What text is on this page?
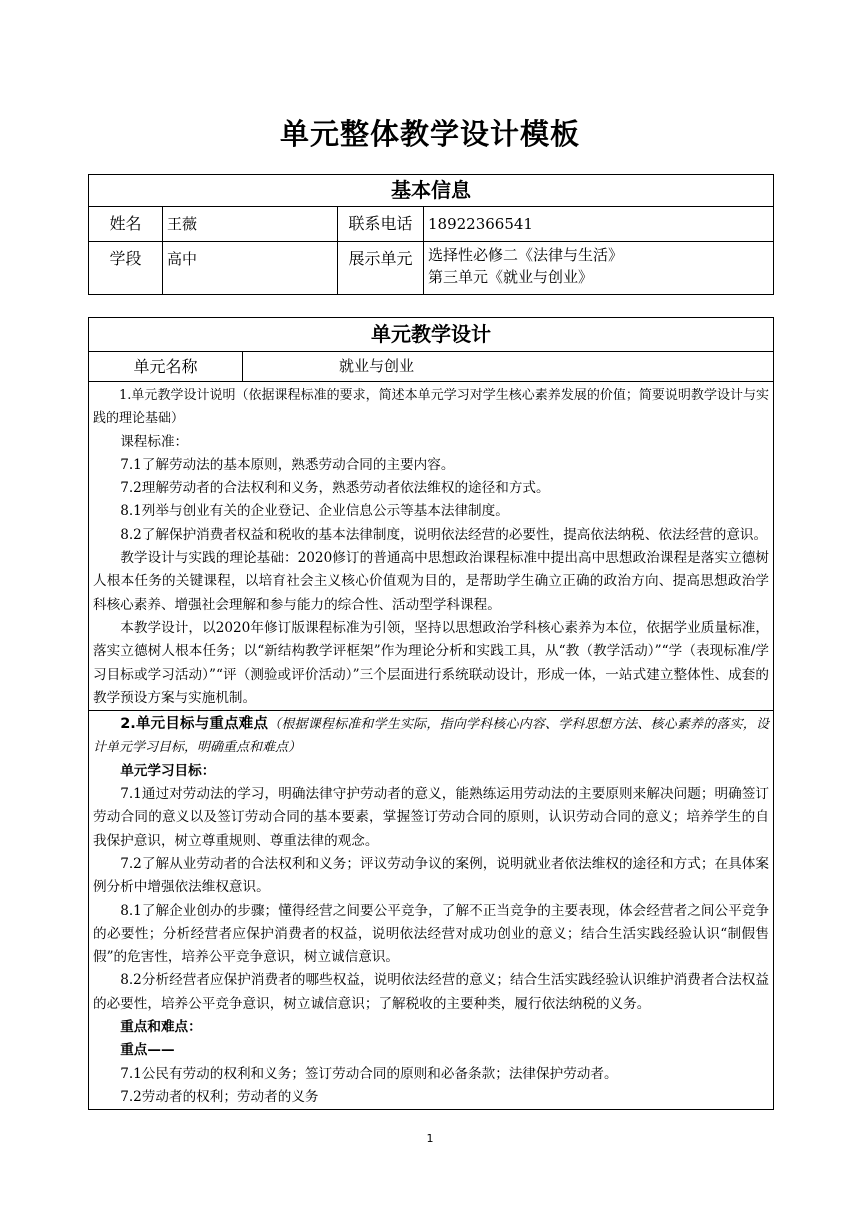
单元整体教学设计模板
基本信息			
姓名	王薇	联系电话	18922366541
学段	高中	展示单元	选择性必修二《法律与生活》
第三单元《就业与创业》
单元教学设计
单元名称	就业与创业

1.单元教学设计说明（依据课程标准的要求，简述本单元学习对学生核心素养发展的价值；简要说明教学设计与实践的理论基础）

课程标准：

7.1了解劳动法的基本原则，熟悉劳动合同的主要内容。

7.2理解劳动者的合法权利和义务，熟悉劳动者依法维权的途径和方式。

8.1列举与创业有关的企业登记、企业信息公示等基本法律制度。

8.2了解保护消费者权益和税收的基本法律制度，说明依法经营的必要性，提高依法纳税、依法经营的意识。

教学设计与实践的理论基础：2020修订的普通高中思想政治课程标准中提出高中思想政治课程是落实立德树人根本任务的关键课程，以培育社会主义核心价值观为目的，是帮助学生确立正确的政治方向、提高思想政治学科核心素养、增强社会理解和参与能力的综合性、活动型学科课程。

本教学设计，以2020年修订版课程标准为引领，坚持以思想政治学科核心素养为本位，依据学业质量标准，落实立德树人根本任务；以“新结构教学评框架”作为理论分析和实践工具，从“教（教学活动）”“学（表现标准/学习目标或学习活动）”“评（测验或评价活动）”三个层面进行系统联动设计，形成一体，一站式建立整体性、成套的教学预设方案与实施机制。

2.单元目标与重点难点（根据课程标准和学生实际，指向学科核心内容、学科思想方法、核心素养的落实，设计单元学习目标，明确重点和难点）

单元学习目标：

7.1通过对劳动法的学习，明确法律守护劳动者的意义，能熟练运用劳动法的主要原则来解决问题；明确签订劳动合同的意义以及签订劳动合同的基本要素，掌握签订劳动合同的原则，认识劳动合同的意义；培养学生的自我保护意识，树立尊重规则、尊重法律的观念。

7.2了解从业劳动者的合法权利和义务；评议劳动争议的案例，说明就业者依法维权的途径和方式；在具体案例分析中增强依法维权意识。

8.1了解企业创办的步骤；懂得经营之间要公平竞争，了解不正当竞争的主要表现，体会经营者之间公平竞争的必要性；分析经营者应保护消费者的权益，说明依法经营对成功创业的意义；结合生活实践经验认识“制假售假”的危害性，培养公平竞争意识，树立诚信意识。

8.2分析经营者应保护消费者的哪些权益，说明依法经营的意义；结合生活实践经验认识维护消费者合法权益的必要性，培养公平竞争意识，树立诚信意识；了解税收的主要种类，履行依法纳税的义务。

重点和难点：

重点——

7.1公民有劳动的权利和义务；签订劳动合同的原则和必备条款；法律保护劳动者。

7.2劳动者的权利；劳动者的义务

1
